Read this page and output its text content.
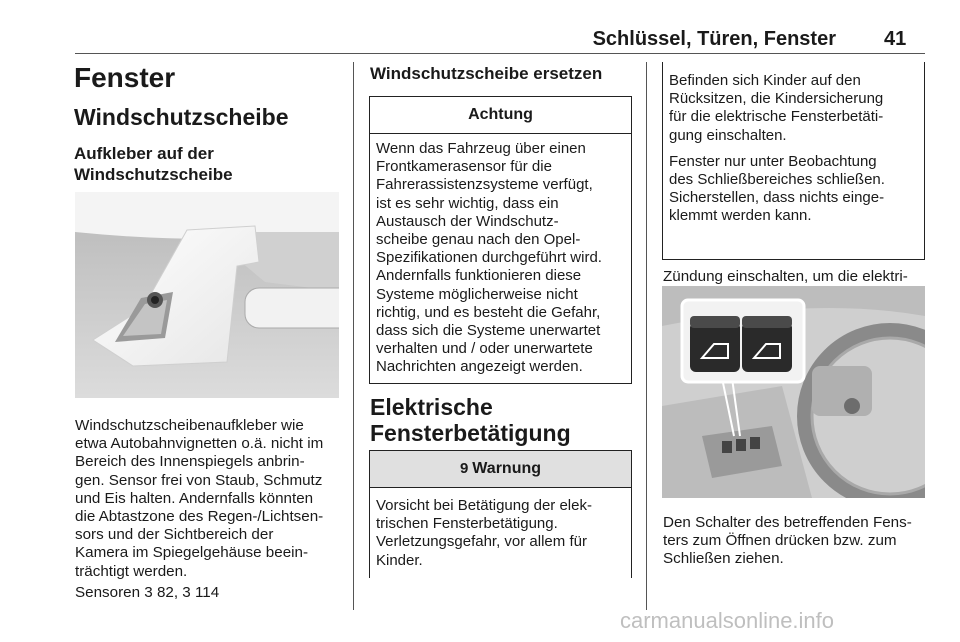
Schlüssel, Türen, Fenster 41
Fenster
Windschutzscheibe
Aufkleber auf der
Windschutzscheibe

Windschutzscheibenaufkleber wie

etwa Autobahnvignetten o.ä. nicht im

Bereich des Innenspiegels anbrin-

gen. Sensor frei von Staub, Schmutz

und Eis halten. Andernfalls könnten

die Abtastzone des Regen-/Lichtsen-

sors und der Sichtbereich der

Kamera im Spiegelgehäuse beein-

trächtigt werden.

Sensoren 3 82, 3 114
Windschutzscheibe ersetzen
Achtung
Wenn das Fahrzeug über einen
Frontkamerasensor für die
Fahrerassistenzsysteme verfügt,
ist es sehr wichtig, dass ein
Austausch der Windschutz-
scheibe genau nach den Opel-
Spezifikationen durchgeführt wird.
Andernfalls funktionieren diese
Systeme möglicherweise nicht
richtig, und es besteht die Gefahr,
dass sich die Systeme unerwartet
verhalten und / oder unerwartete
Nachrichten angezeigt werden.
Elektrische
Fensterbetätigung
9 Warnung
Vorsicht bei Betätigung der elek-
trischen Fensterbetätigung.
Verletzungsgefahr, vor allem für
Kinder.
Befinden sich Kinder auf den
Rücksitzen, die Kindersicherung
für die elektrische Fensterbetäti-
gung einschalten.
Fenster nur unter Beobachtung
des Schließbereiches schließen.
Sicherstellen, dass nichts einge-
klemmt werden kann.

Zündung einschalten, um die elektri-

Den Schalter des betreffenden Fens-

ters zum Öffnen drücken bzw. zum

Schließen ziehen.

carmanualsonline.info
